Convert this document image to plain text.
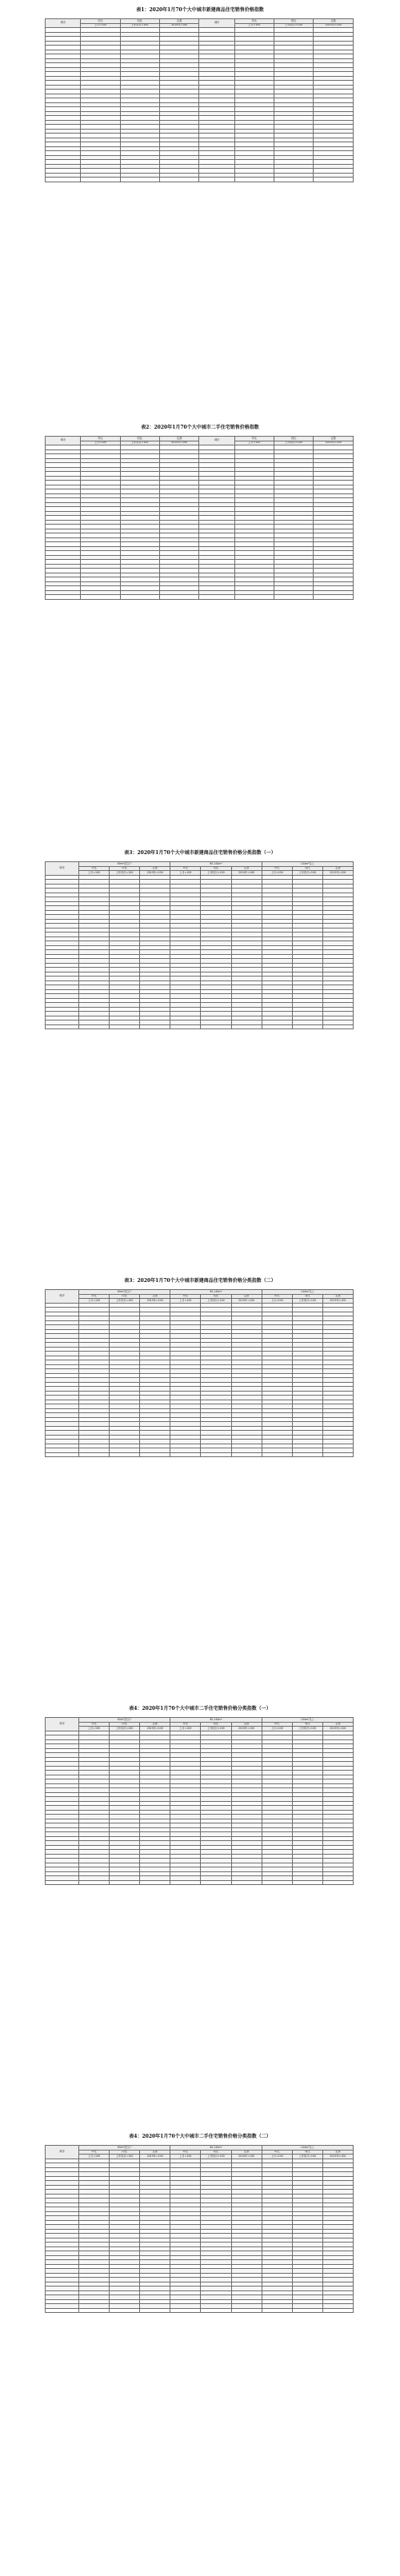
表1：2020年1月70个大中城市新建商品住宅销售价格指数
城市	环比	同比	定基	城市	环比	同比	定基
	上月=100	上年同月=100	2015年=100		上月=100	上年同月=100	2015年=100

表2：2020年1月70个大中城市二手住宅销售价格指数
城市	环比	同比	定基	城市	环比	同比	定基
	上月=100	上年同月=100	2015年=100		上月=100	上年同月=100	2015年=100

表3：2020年1月70个大中城市新建商品住宅销售价格分类指数（一）
城市	90m²及以下			90-144m²			144m²以上		
	环比	同比	定基	环比	同比	定基	环比	同比	定基
	上月=100	上年同月=100	2015年=100	上月=100	上年同月=100	2015年=100	上月=100	上年同月=100	2015年=100

表3：2020年1月70个大中城市新建商品住宅销售价格分类指数（二）
城市	90m²及以下			90-144m²			144m²以上		
	环比	同比	定基	环比	同比	定基	环比	同比	定基
	上月=100	上年同月=100	2015年=100	上月=100	上年同月=100	2015年=100	上月=100	上年同月=100	2015年=100

表4：2020年1月70个大中城市二手住宅销售价格分类指数（一）
城市	90m²及以下			90-144m²			144m²以上		
	环比	同比	定基	环比	同比	定基	环比	同比	定基
	上月=100	上年同月=100	2015年=100	上月=100	上年同月=100	2015年=100	上月=100	上年同月=100	2015年=100

表4：2020年1月70个大中城市二手住宅销售价格分类指数（二）
城市	90m²及以下			90-144m²			144m²以上		
	环比	同比	定基	环比	同比	定基	环比	同比	定基
	上月=100	上年同月=100	2015年=100	上月=100	上年同月=100	2015年=100	上月=100	上年同月=100	2015年=100
